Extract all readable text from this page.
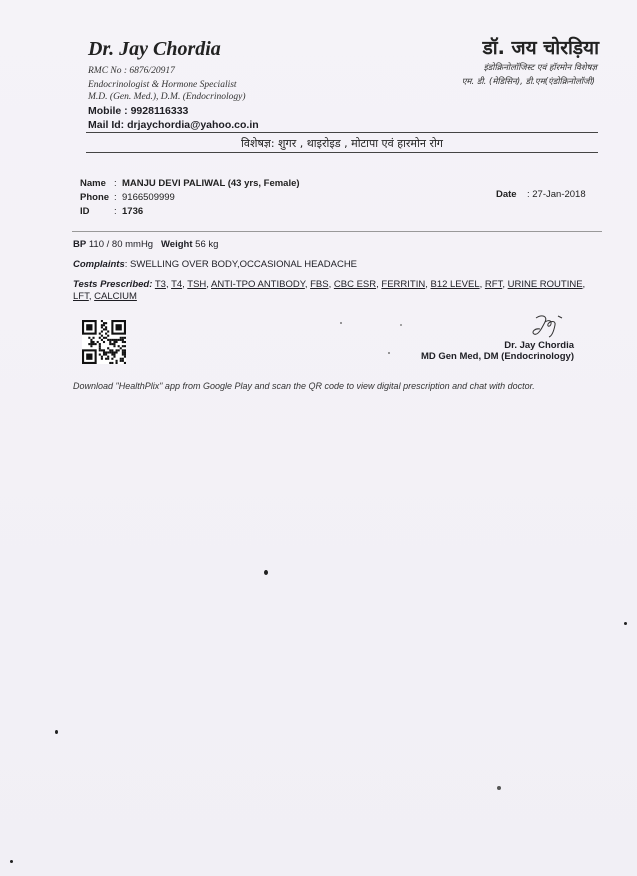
Dr. Jay Chordia	डॉ. जय चोरड़िया
RMC No : 6876/20917
Endocrinologist & Hormone Specialist
M.D. (Gen. Med.), D.M. (Endocrinology)
Mobile : 9928116333
Mail Id: drjaychordia@yahoo.co.in
इंडोक्रिनोलॉजिस्ट एवं हॉरमोन विशेषज्ञ
एम. डी. (मेडिसिन), डी.एम(एंडोक्रिनोलॉजी)
विशेषज्ञ: शुगर , थाइरोइड , मोटापा एवं हारमोन रोग
Name : MANJU DEVI PALIWAL (43 yrs, Female)
Phone : 9166509999
ID	: 1736
Date : 27-Jan-2018
BP 110 / 80 mmHg Weight 56 kg
Complaints: SWELLING OVER BODY,OCCASIONAL HEADACHE
Tests Prescribed: T3, T4, TSH, ANTI-TPO ANTIBODY, FBS, CBC ESR, FERRITIN, B12 LEVEL, RFT, URINE ROUTINE, LFT, CALCIUM
Dr. Jay Chordia
MD Gen Med, DM (Endocrinology)
Download "HealthPlix" app from Google Play and scan the QR code to view digital prescription and chat with doctor.
